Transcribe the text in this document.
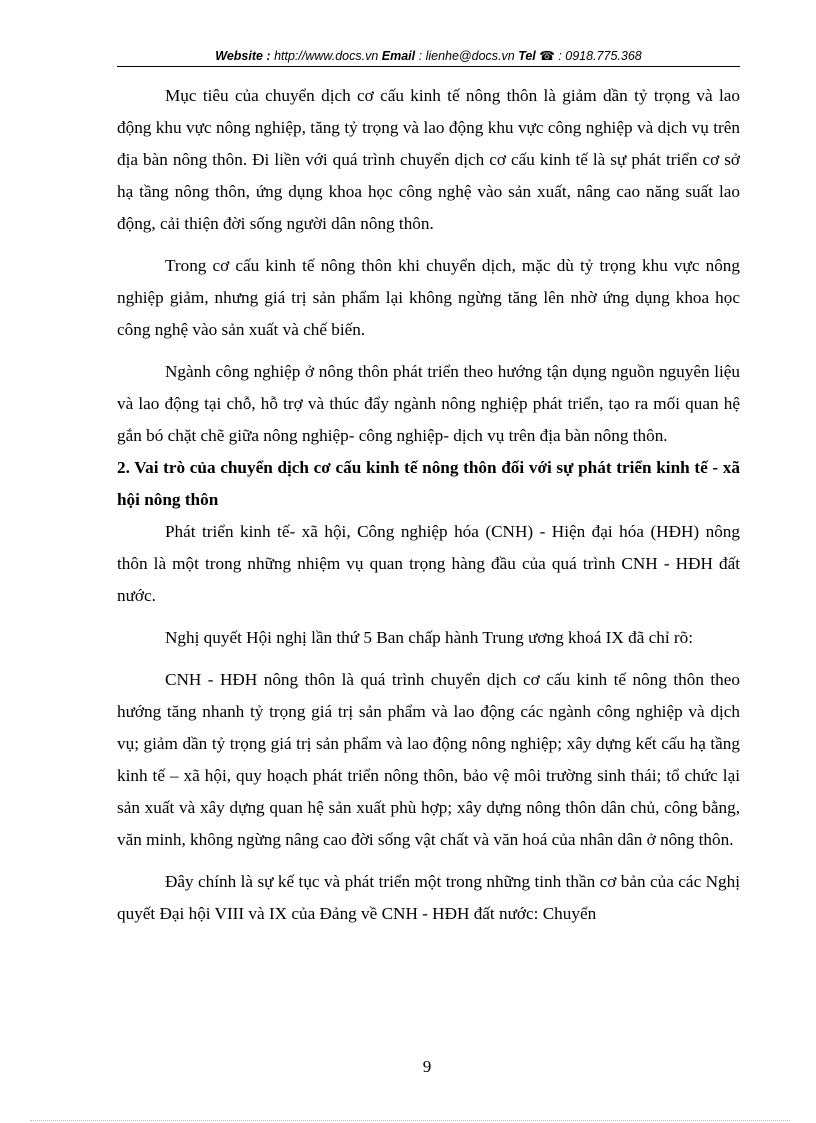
Website : http://www.docs.vn Email : lienhe@docs.vn Tel ☎ : 0918.775.368

Mục tiêu của chuyển dịch cơ cấu kinh tế nông thôn là giảm dần tỷ trọng và lao động khu vực nông nghiệp, tăng tỷ trọng và lao động khu vực công nghiệp và dịch vụ trên địa bàn nông thôn. Đi liền với quá trình chuyển dịch cơ cấu kinh tế là sự phát triển cơ sở hạ tầng nông thôn, ứng dụng khoa học công nghệ vào sản xuất, nâng cao năng suất lao động, cải thiện đời sống người dân nông thôn.

Trong cơ cấu kinh tế nông thôn khi chuyển dịch, mặc dù tỷ trọng khu vực nông nghiệp giảm, nhưng giá trị sản phẩm lại không ngừng tăng lên nhờ ứng dụng khoa học công nghệ vào sản xuất và chế biến.

Ngành công nghiệp ở nông thôn phát triển theo hướng tận dụng nguồn nguyên liệu và lao động tại chỗ, hỗ trợ và thúc đẩy ngành nông nghiệp phát triển, tạo ra mối quan hệ gắn bó chặt chẽ giữa nông nghiệp- công nghiệp- dịch vụ trên địa bàn nông thôn.

2. Vai trò của chuyển dịch cơ cấu kinh tế nông thôn đối với sự phát triển kinh tế - xã hội nông thôn

Phát triển kinh tế- xã hội, Công nghiệp hóa (CNH) - Hiện đại hóa (HĐH) nông thôn là một trong những nhiệm vụ quan trọng hàng đầu của quá trình CNH - HĐH đất nước.

Nghị quyết Hội nghị lần thứ 5 Ban chấp hành Trung ương khoá IX đã chỉ rõ:

CNH - HĐH nông thôn là quá trình chuyển dịch cơ cấu kinh tế nông thôn theo hướng tăng nhanh tỷ trọng giá trị sản phẩm và lao động các ngành công nghiệp và dịch vụ; giảm dần tỷ trọng giá trị sản phẩm và lao động nông nghiệp; xây dựng kết cấu hạ tầng kinh tế – xã hội, quy hoạch phát triển nông thôn, bảo vệ môi trường sinh thái; tổ chức lại sản xuất và xây dựng quan hệ sản xuất phù hợp; xây dựng nông thôn dân chủ, công bằng, văn minh, không ngừng nâng cao đời sống vật chất và văn hoá của nhân dân ở nông thôn.

Đây chính là sự kế tục và phát triển một trong những tinh thần cơ bản của các Nghị quyết Đại hội VIII và IX của Đảng về CNH - HĐH đất nước: Chuyển

9
